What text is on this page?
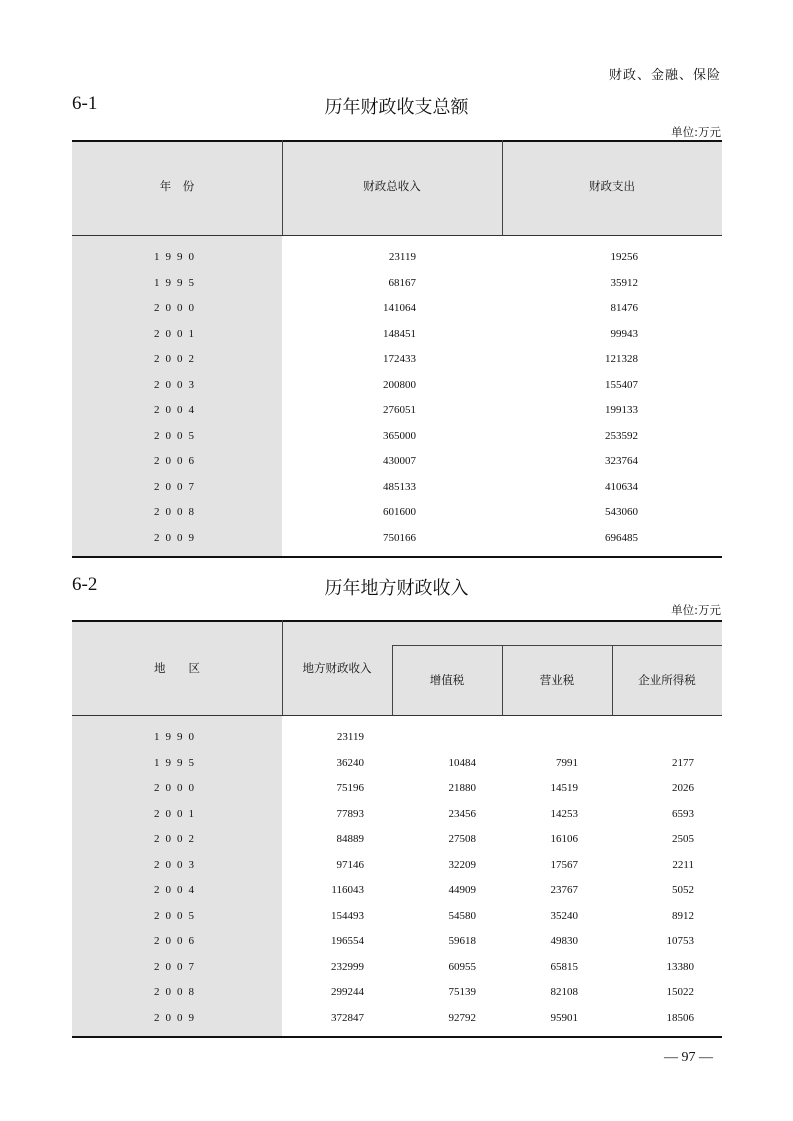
财政、金融、保险
6-1	历年财政收支总额
单位:万元
年　份	财政总收入	财政支出
1990	23119	19256
1995	68167	35912
2000	141064	81476
2001	148451	99943
2002	172433	121328
2003	200800	155407
2004	276051	199133
2005	365000	253592
2006	430007	323764
2007	485133	410634
2008	601600	543060
2009	750166	696485
6-2	历年地方财政收入
单位:万元
地　　区	地方财政收入
增值税	营业税	企业所得税
1990	23119
1995	36240	10484	7991	2177
2000	75196	21880	14519	2026
2001	77893	23456	14253	6593
2002	84889	27508	16106	2505
2003	97146	32209	17567	2211
2004	116043	44909	23767	5052
2005	154493	54580	35240	8912
2006	196554	59618	49830	10753
2007	232999	60955	65815	13380
2008	299244	75139	82108	15022
2009	372847	92792	95901	18506
— 97 —
